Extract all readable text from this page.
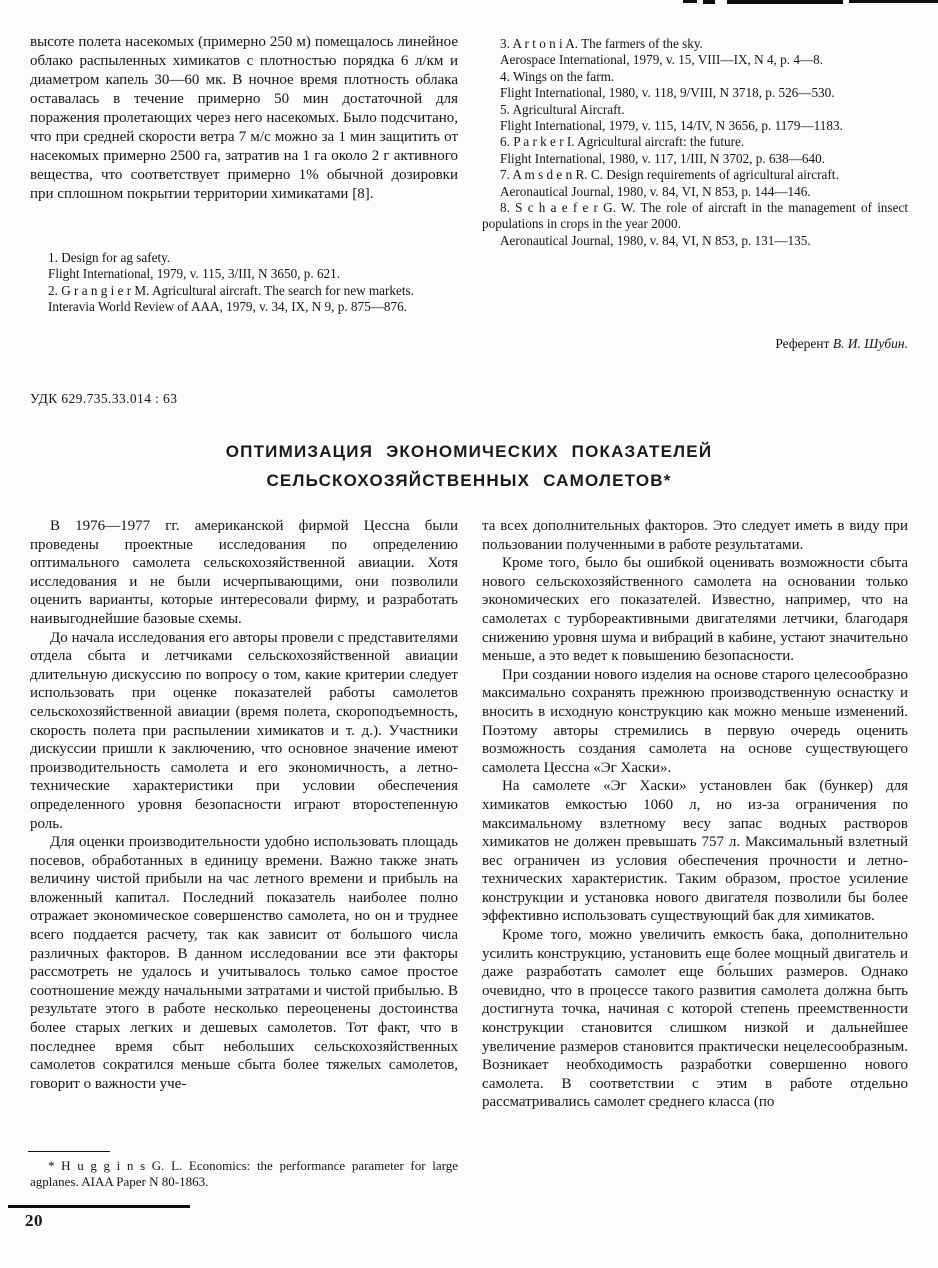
высоте полета насекомых (примерно 250 м) помещалось линейное облако распыленных химикатов с плотностью порядка 6 л/км и диаметром капель 30—60 мк. В ночное время плотность облака оставалась в течение примерно 50 мин достаточной для поражения пролетающих через него насекомых. Было подсчитано, что при средней скорости ветра 7 м/с можно за 1 мин защитить от насекомых примерно 2500 га, затратив на 1 га около 2 г активного вещества, что соответствует примерно 1% обычной дозировки при сплошном покрытии территории химикатами [8].

1. Design for ag safety.

Flight International, 1979, v. 115, 3/III, N 3650, p. 621.

2. G r a n g i e r M. Agricultural aircraft. The search for new markets.

Interavia World Review of AAA, 1979, v. 34, IX, N 9, p. 875—876.

3. A r t o n i A. The farmers of the sky.

Aerospace International, 1979, v. 15, VIII—IX, N 4, p. 4—8.

4. Wings on the farm.

Flight International, 1980, v. 118, 9/VIII, N 3718, p. 526—530.

5. Agricultural Aircraft.

Flight International, 1979, v. 115, 14/IV, N 3656, p. 1179—1183.

6. P a r k e r I. Agricultural aircraft: the future.

Flight International, 1980, v. 117, 1/III, N 3702, p. 638—640.

7. A m s d e n R. C. Design requirements of agricultural aircraft.

Aeronautical Journal, 1980, v. 84, VI, N 853, p. 144—146.

8. S c h a e f e r G. W. The role of aircraft in the management of insect populations in crops in the year 2000.

Aeronautical Journal, 1980, v. 84, VI, N 853, p. 131—135.

Референт В. И. Шубин.
УДК 629.735.33.014 : 63
ОПТИМИЗАЦИЯ ЭКОНОМИЧЕСКИХ ПОКАЗАТЕЛЕЙ
СЕЛЬСКОХОЗЯЙСТВЕННЫХ САМОЛЕТОВ*

В 1976—1977 гг. американской фирмой Цессна были проведены проектные исследования по определению оптимального самолета сельскохозяйственной авиации. Хотя исследования и не были исчерпывающими, они позволили оценить варианты, которые интересовали фирму, и разработать наивыгоднейшие базовые схемы.

До начала исследования его авторы провели с представителями отдела сбыта и летчиками сельскохозяйственной авиации длительную дискуссию по вопросу о том, какие критерии следует использовать при оценке показателей работы самолетов сельскохозяйственной авиации (время полета, скороподъемность, скорость полета при распылении химикатов и т. д.). Участники дискуссии пришли к заключению, что основное значение имеют производительность самолета и его экономичность, а летно-технические характеристики при условии обеспечения определенного уровня безопасности играют второстепенную роль.

Для оценки производительности удобно использовать площадь посевов, обработанных в единицу времени. Важно также знать величину чистой прибыли на час летного времени и прибыль на вложенный капитал. Последний показатель наиболее полно отражает экономическое совершенство самолета, но он и труднее всего поддается расчету, так как зависит от большого числа различных факторов. В данном исследовании все эти факторы рассмотреть не удалось и учитывалось только самое простое соотношение между начальными затратами и чистой прибылью. В результате этого в работе несколько переоценены достоинства более старых легких и дешевых самолетов. Тот факт, что в последнее время сбыт небольших сельскохозяйственных самолетов сократился меньше сбыта более тяжелых самолетов, говорит о важности уче-

та всех дополнительных факторов. Это следует иметь в виду при пользовании полученными в работе результатами.

Кроме того, было бы ошибкой оценивать возможности сбыта нового сельскохозяйственного самолета на основании только экономических его показателей. Известно, например, что на самолетах с турбореактивными двигателями летчики, благодаря снижению уровня шума и вибраций в кабине, устают значительно меньше, а это ведет к повышению безопасности.

При создании нового изделия на основе старого целесообразно максимально сохранять прежнюю производственную оснастку и вносить в исходную конструкцию как можно меньше изменений. Поэтому авторы стремились в первую очередь оценить возможность создания самолета на основе существующего самолета Цессна «Эг Хаски».

На самолете «Эг Хаски» установлен бак (бункер) для химикатов емкостью 1060 л, но из-за ограничения по максимальному взлетному весу запас водных растворов химикатов не должен превышать 757 л. Максимальный взлетный вес ограничен из условия обеспечения прочности и летно-технических характеристик. Таким образом, простое усиление конструкции и установка нового двигателя позволили бы более эффективно использовать существующий бак для химикатов.

Кроме того, можно увеличить емкость бака, дополнительно усилить конструкцию, установить еще более мощный двигатель и даже разработать самолет еще бо́льших размеров. Однако очевидно, что в процессе такого развития самолета должна быть достигнута точка, начиная с которой степень преемственности конструкции становится слишком низкой и дальнейшее увеличение размеров становится практически нецелесообразным. Возникает необходимость разработки совершенно нового самолета. В соответствии с этим в работе отдельно рассматривались самолет среднего класса (по

* H u g g i n s G. L. Economics: the performance parameter for large agplanes. AIAA Paper N 80-1863.

20
